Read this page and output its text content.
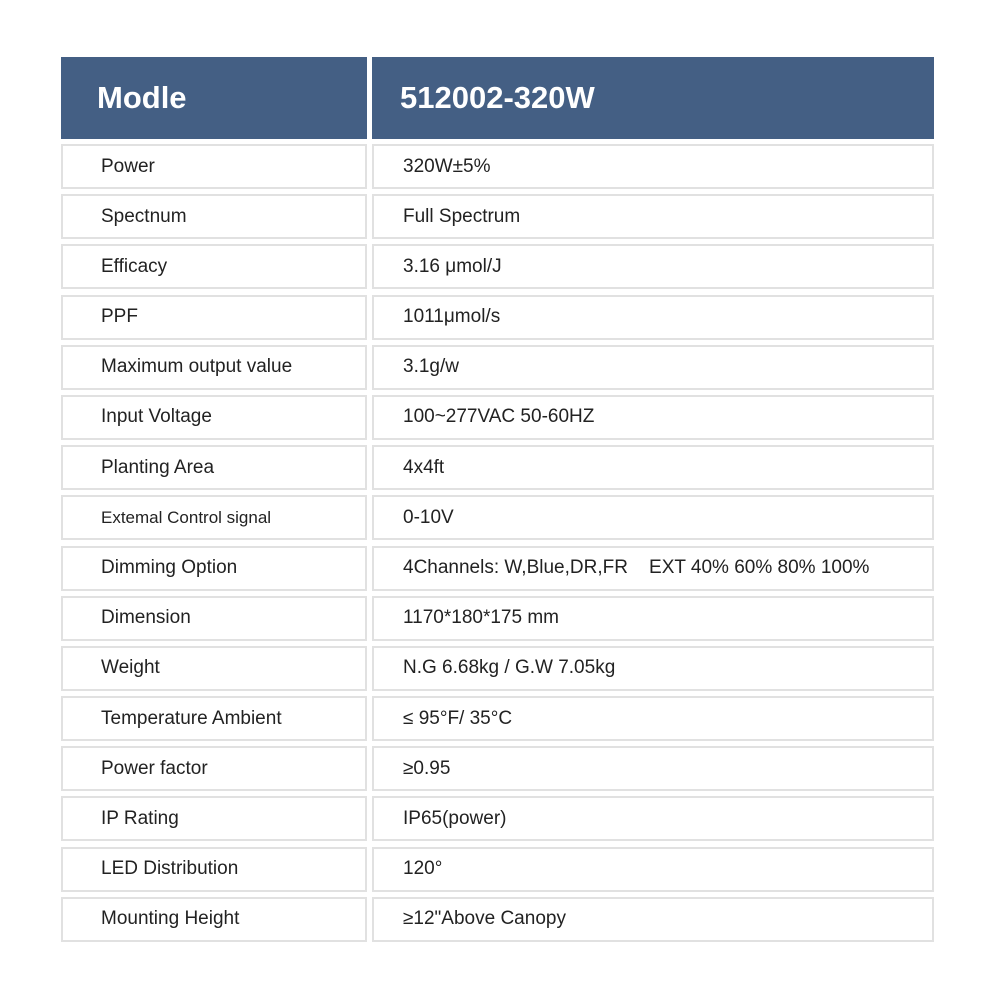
Modle	512002-320W
Power	320W±5%
Spectnum	Full Spectrum
Efficacy	3.16 μmol/J
PPF	1011μmol/s
Maximum output value	3.1g/w
Input Voltage	100~277VAC 50-60HZ
Planting Area	4x4ft
Extemal Control signal	0-10V
Dimming Option	4Channels: W,Blue,DR,FR    EXT 40% 60% 80% 100%
Dimension	1170*180*175 mm
Weight	N.G 6.68kg / G.W 7.05kg
Temperature Ambient	≤ 95°F/ 35°C
Power factor	≥0.95
IP Rating	IP65(power)
LED Distribution	120°
Mounting Height	≥12"Above Canopy
